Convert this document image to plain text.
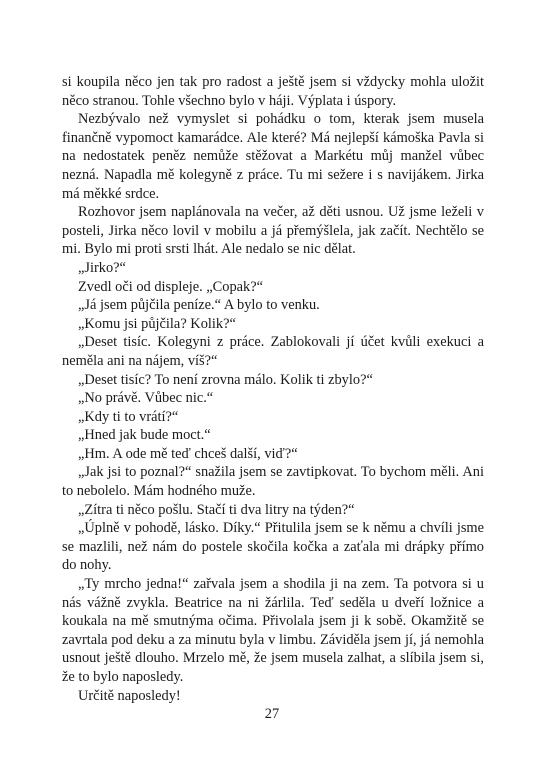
si koupila něco jen tak pro radost a ještě jsem si vždycky mohla uložit něco stranou. Tohle všechno bylo v háji. Výplata i úspory.

Nezbývalo než vymyslet si pohádku o tom, kterak jsem musela finančně vypomoct kamarádce. Ale které? Má nejlepší kámoška Pavla si na nedostatek peněz nemůže stěžovat a Markétu můj manžel vůbec nezná. Napadla mě kolegyně z práce. Tu mi sežere i s navijákem. Jirka má měkké srdce.

Rozhovor jsem naplánovala na večer, až děti usnou. Už jsme leželi v posteli, Jirka něco lovil v mobilu a já přemýšlela, jak začít. Nechtělo se mi. Bylo mi proti srsti lhát. Ale nedalo se nic dělat.

„Jirko?“

Zvedl oči od displeje. „Copak?“

„Já jsem půjčila peníze.“ A bylo to venku.

„Komu jsi půjčila? Kolik?“

„Deset tisíc. Kolegyni z práce. Zablokovali jí účet kvůli exekuci a neměla ani na nájem, víš?“

„Deset tisíc? To není zrovna málo. Kolik ti zbylo?“

„No právě. Vůbec nic.“

„Kdy ti to vrátí?“

„Hned jak bude moct.“

„Hm. A ode mě teď chceš další, viď?“

„Jak jsi to poznal?“ snažila jsem se zavtipkovat. To bychom měli. Ani to nebolelo. Mám hodného muže.

„Zítra ti něco pošlu. Stačí ti dva litry na týden?“

„Úplně v pohodě, lásko. Díky.“ Přitulila jsem se k němu a chvíli jsme se mazlili, než nám do postele skočila kočka a zaťala mi drápky přímo do nohy.

„Ty mrcho jedna!“ zařvala jsem a shodila ji na zem. Ta potvora si u nás vážně zvykla. Beatrice na ni žárlila. Teď seděla u dveří ložnice a koukala na mě smutnýma očima. Přivolala jsem ji k sobě. Okamžitě se zavrtala pod deku a za minutu byla v limbu. Záviděla jsem jí, já nemohla usnout ještě dlouho. Mrzelo mě, že jsem musela zalhat, a slíbila jsem si, že to bylo naposledy.

Určitě naposledy!

27
